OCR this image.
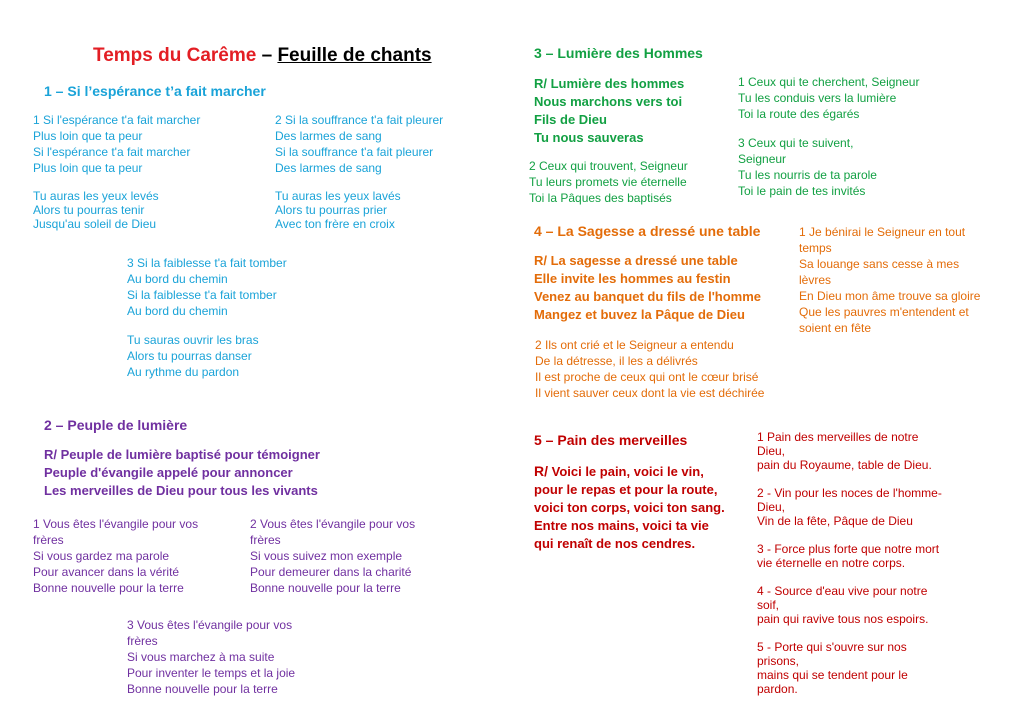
Temps du Carême – Feuille de chants
1 – Si l’espérance t’a fait marcher
1 Si l'espérance t'a fait marcher
Plus loin que ta peur
Si l'espérance t'a fait marcher
Plus loin que ta peur
Tu auras les yeux levés
Alors tu pourras tenir
Jusqu'au soleil de Dieu
2 Si la souffrance t'a fait pleurer
Des larmes de sang
Si la souffrance t'a fait pleurer
Des larmes de sang
Tu auras les yeux lavés
Alors tu pourras prier
Avec ton frère en croix
3 Si la faiblesse t'a fait tomber
Au bord du chemin
Si la faiblesse t'a fait tomber
Au bord du chemin
Tu sauras ouvrir les bras
Alors tu pourras danser
Au rythme du pardon
2 – Peuple de lumière
R/ Peuple de lumière baptisé pour témoigner
Peuple d'évangile appelé pour annoncer
Les merveilles de Dieu pour tous les vivants
1 Vous êtes l'évangile pour vos
frères
Si vous gardez ma parole
Pour avancer dans la vérité
Bonne nouvelle pour la terre
2 Vous êtes l'évangile pour vos
frères
Si vous suivez mon exemple
Pour demeurer dans la charité
Bonne nouvelle pour la terre
3 Vous êtes l'évangile pour vos
frères
Si vous marchez à ma suite
Pour inventer le temps et la joie
Bonne nouvelle pour la terre
3 – Lumière des Hommes
R/ Lumière des hommes
Nous marchons vers toi
Fils de Dieu
Tu nous sauveras
1 Ceux qui te cherchent, Seigneur
Tu les conduis vers la lumière
Toi la route des égarés
2 Ceux qui trouvent, Seigneur
Tu leurs promets vie éternelle
Toi la Pâques des baptisés
3 Ceux qui te suivent,
Seigneur
Tu les nourris de ta parole
Toi le pain de tes invités
4 – La Sagesse a dressé une table
R/ La sagesse a dressé une table
Elle invite les hommes au festin
Venez au banquet du fils de l'homme
Mangez et buvez la Pâque de Dieu
1 Je bénirai le Seigneur en tout
temps
Sa louange sans cesse à mes
lèvres
En Dieu mon âme trouve sa gloire
Que les pauvres m'entendent et
soient en fête
2 Ils ont crié et le Seigneur a entendu
De la détresse, il les a délivrés
Il est proche de ceux qui ont le cœur brisé
Il vient sauver ceux dont la vie est déchirée
5 – Pain des merveilles
R/ Voici le pain, voici le vin,
pour le repas et pour la route,
voici ton corps, voici ton sang.
Entre nos mains, voici ta vie
qui renaît de nos cendres.
1 Pain des merveilles de notre
Dieu,
pain du Royaume, table de Dieu.
2 - Vin pour les noces de l'homme-
Dieu,
Vin de la fête, Pâque de Dieu
3 - Force plus forte que notre mort
vie éternelle en notre corps.
4 - Source d'eau vive pour notre
soif,
pain qui ravive tous nos espoirs.
5 - Porte qui s'ouvre sur nos
prisons,
mains qui se tendent pour le
pardon.
